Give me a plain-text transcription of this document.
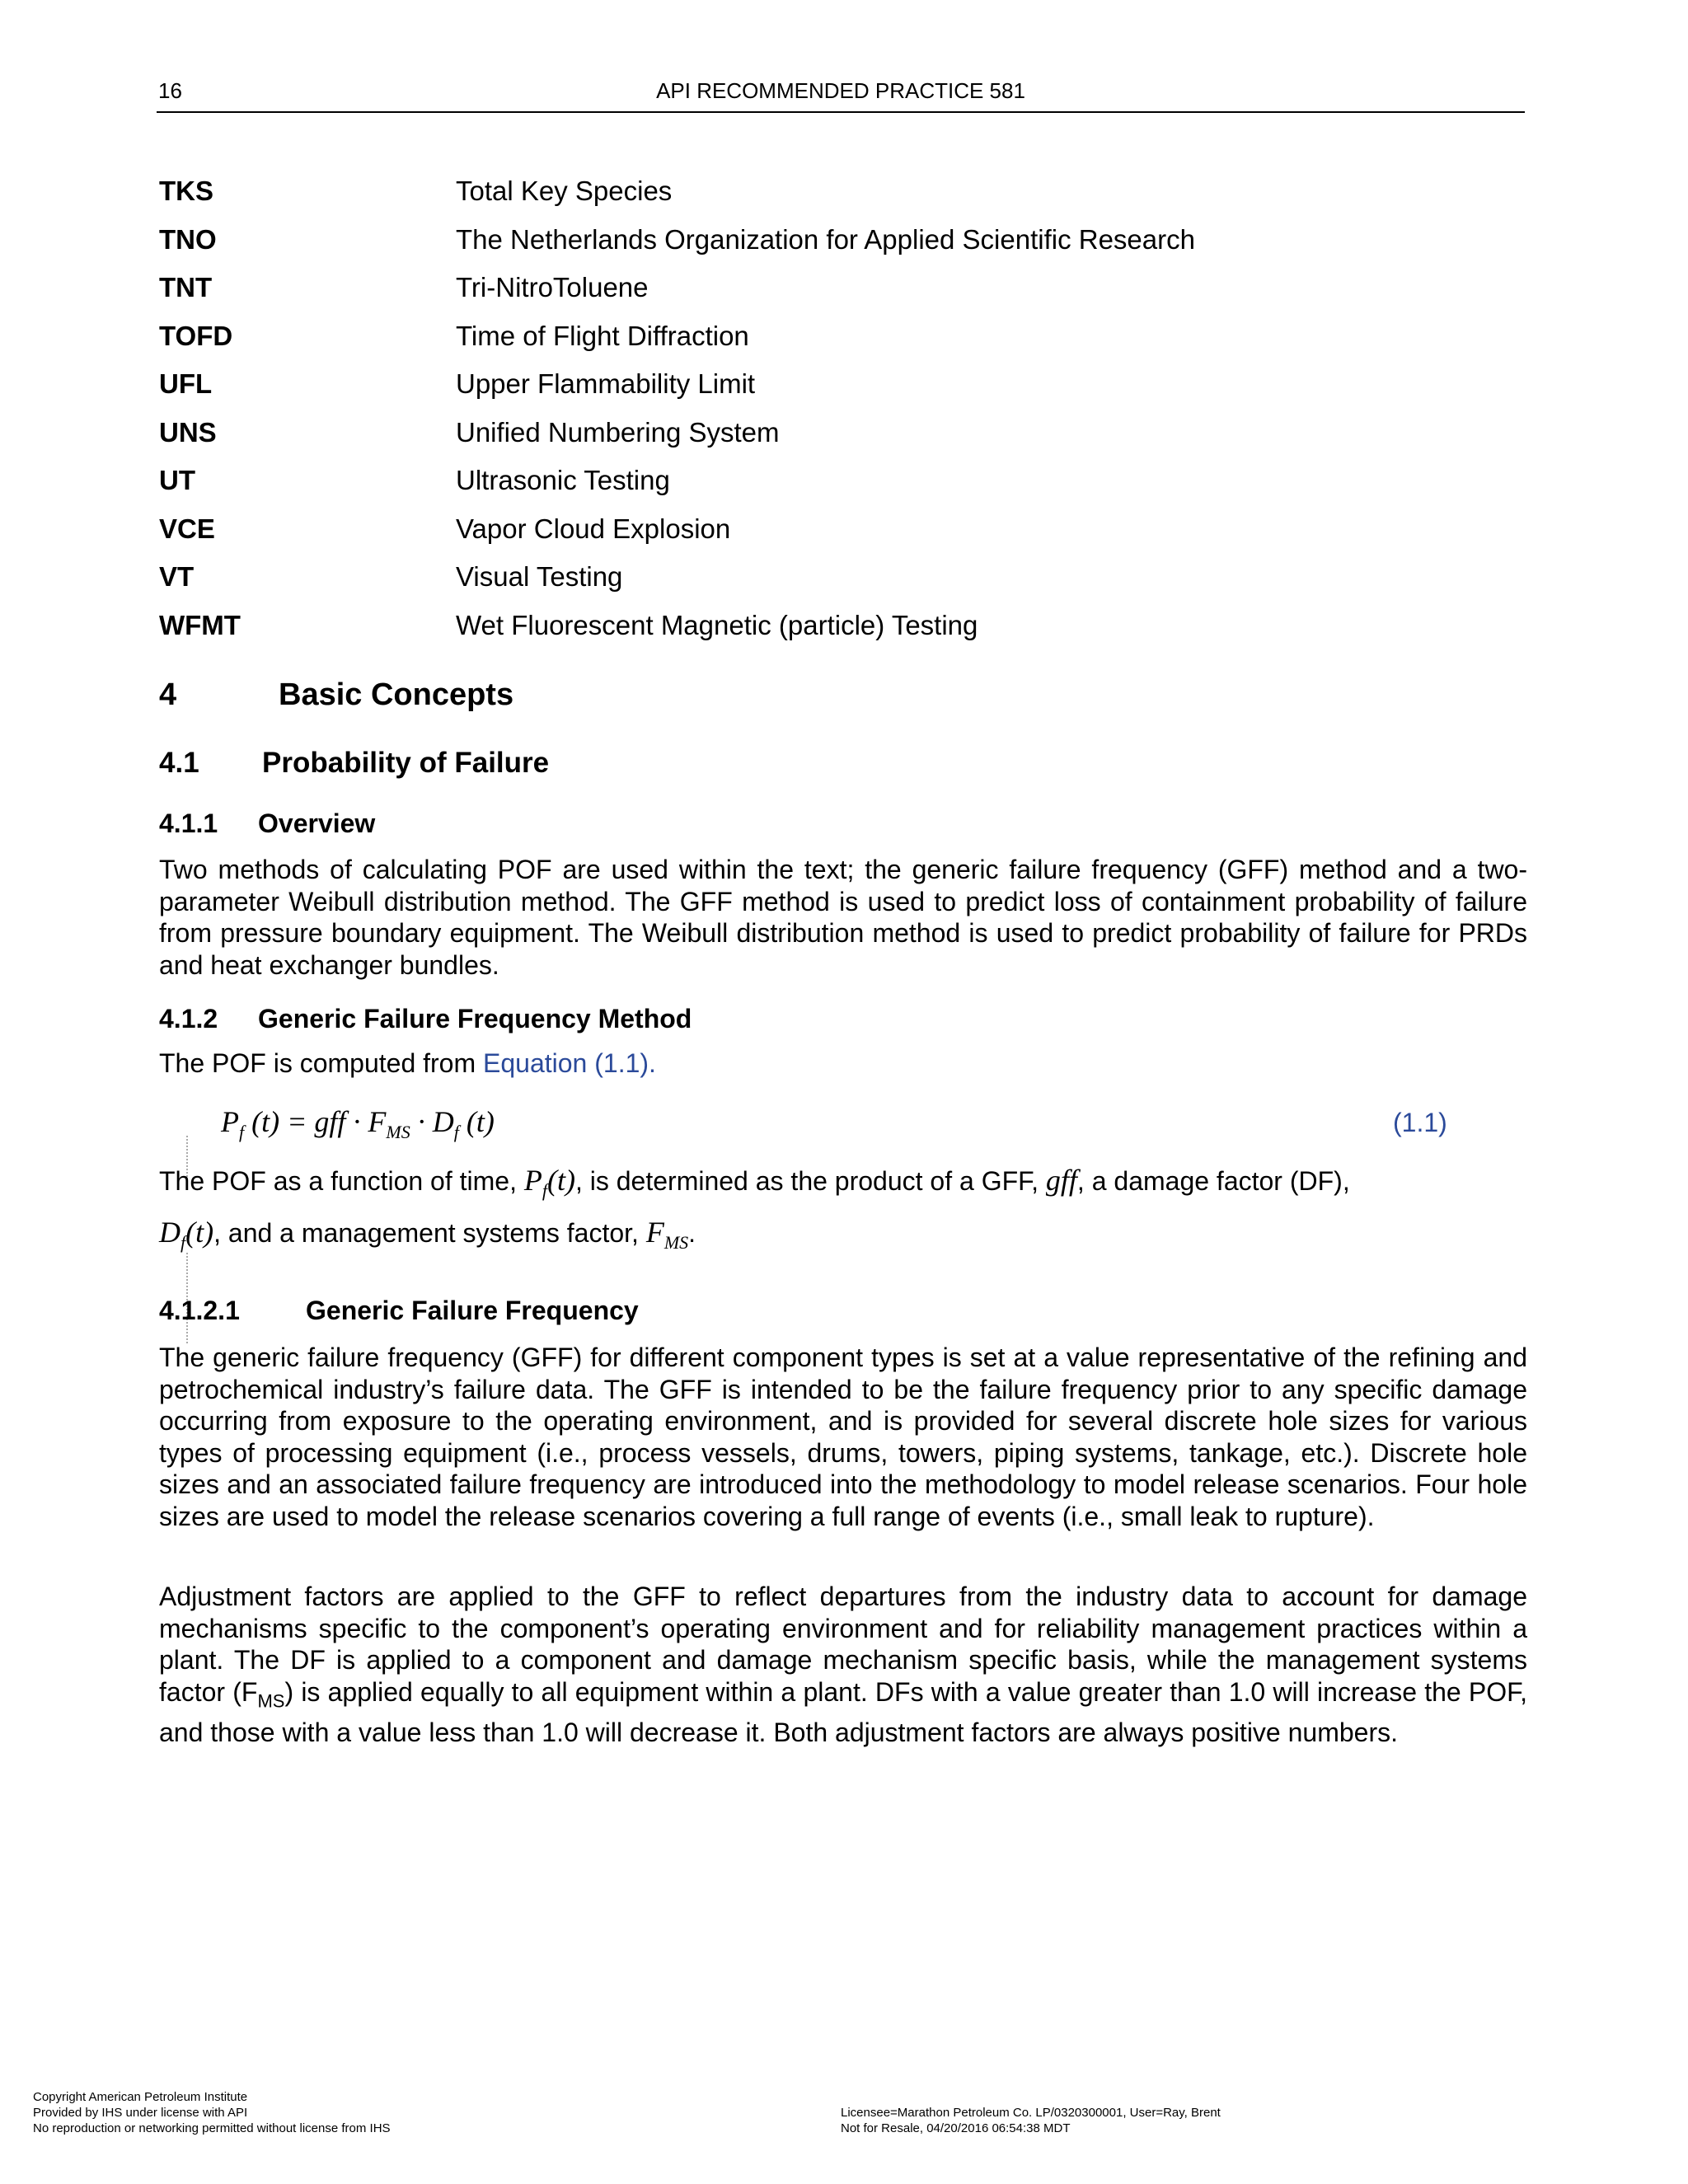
16	API RECOMMENDED PRACTICE 581
TKS	Total Key Species
TNO	The Netherlands Organization for Applied Scientific Research
TNT	Tri-NitroToluene
TOFD	Time of Flight Diffraction
UFL	Upper Flammability Limit
UNS	Unified Numbering System
UT	Ultrasonic Testing
VCE	Vapor Cloud Explosion
VT	Visual Testing
WFMT	Wet Fluorescent Magnetic (particle) Testing
4	Basic Concepts
4.1 Probability of Failure
4.1.1 Overview
Two methods of calculating POF are used within the text; the generic failure frequency (GFF) method and a two-parameter Weibull distribution method. The GFF method is used to predict loss of containment probability of failure from pressure boundary equipment. The Weibull distribution method is used to predict probability of failure for PRDs and heat exchanger bundles.
4.1.2 Generic Failure Frequency Method
The POF is computed from Equation (1.1).
$P_f$ (t) = gff · $F_{MS} \cdot D_f$ (t)	(1.1)
The POF as a function of time, $P_f(t)$, is determined as the product of a GFF, gff, a damage factor (DF),
$D_f(t)$, and a management systems factor, $F_{MS}$.
4.1.2.1	Generic Failure Frequency
The generic failure frequency (GFF) for different component types is set at a value representative of the refining and petrochemical industry’s failure data. The GFF is intended to be the failure frequency prior to any specific damage occurring from exposure to the operating environment, and is provided for several discrete hole sizes for various types of processing equipment (i.e., process vessels, drums, towers, piping systems, tankage, etc.). Discrete hole sizes and an associated failure frequency are introduced into the methodology to model release scenarios. Four hole sizes are used to model the release scenarios covering a full range of events (i.e., small leak to rupture).
Adjustment factors are applied to the GFF to reflect departures from the industry data to account for damage mechanisms specific to the component’s operating environment and for reliability management practices within a plant. The DF is applied to a component and damage mechanism specific basis, while the management systems factor $(F_{MS})$ is applied equally to all equipment within a plant. DFs with a value greater than 1.0 will increase the POF, and those with a value less than 1.0 will decrease it. Both adjustment factors are always positive numbers.
Copyright American Petroleum Institute
Provided by IHS under license with API
No reproduction or networking permitted without license from IHS
Licensee=Marathon Petroleum Co. LP/0320300001, User=Ray, Brent
Not for Resale, 04/20/2016 06:54:38 MDT
